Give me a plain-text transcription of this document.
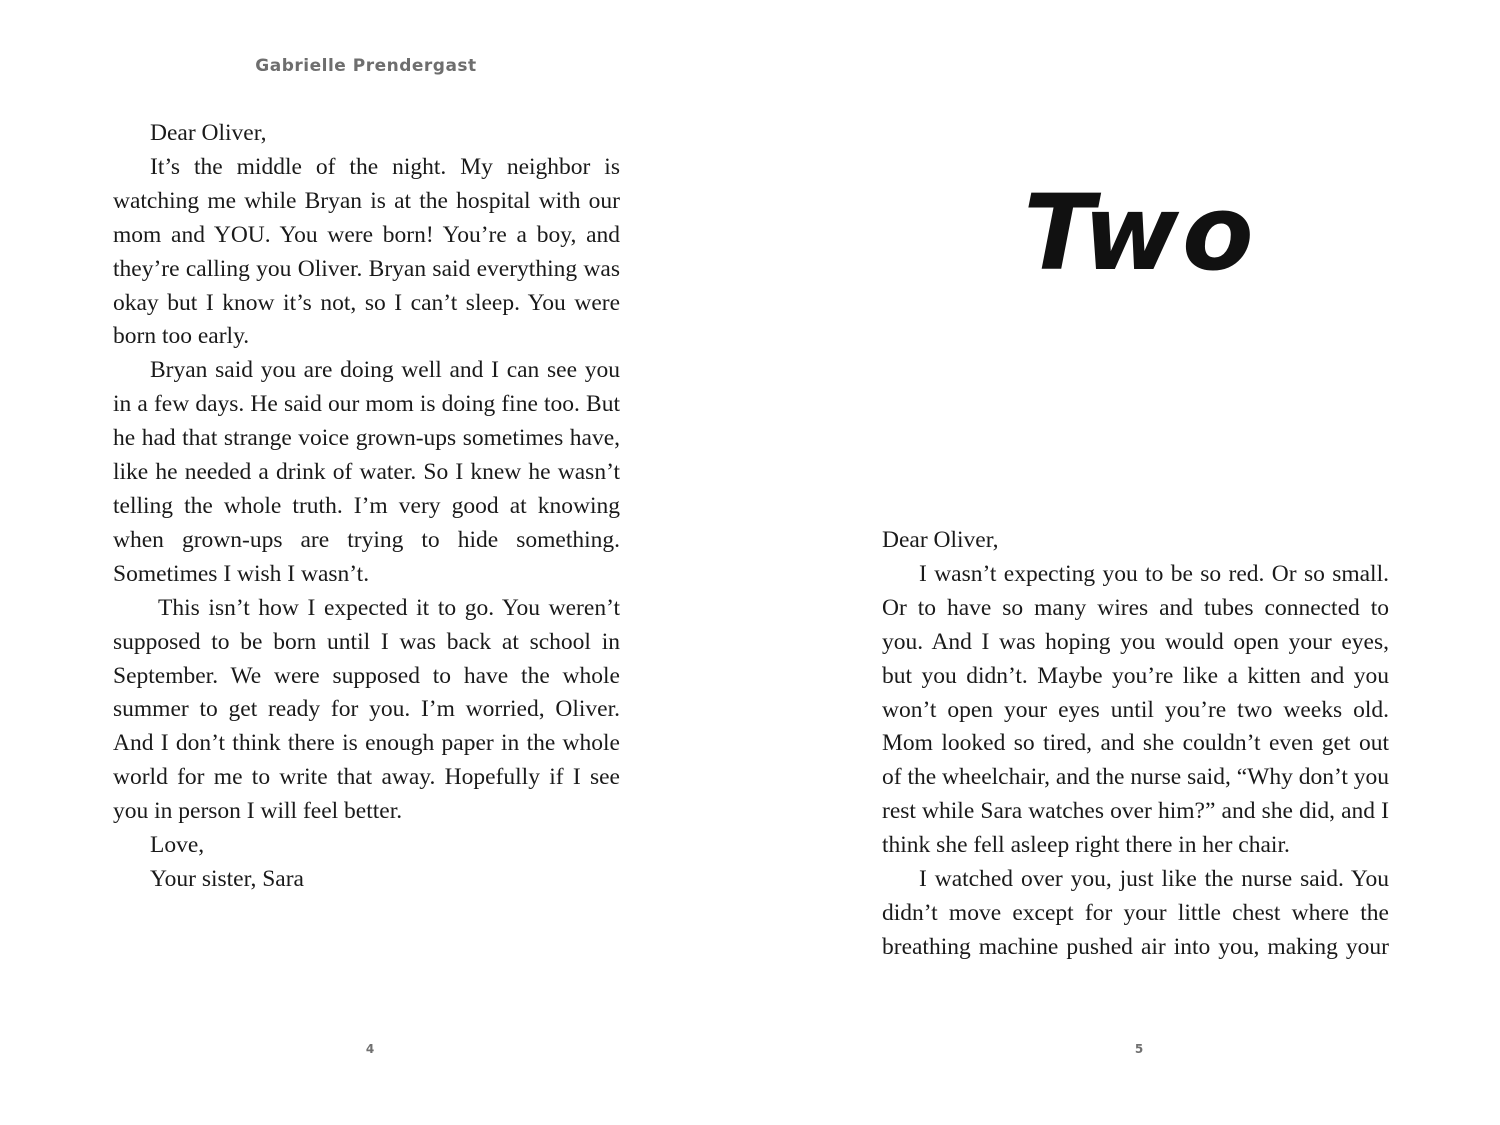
Gabrielle Prendergast

Dear Oliver,

It’s the middle of the night. My neighbor is watching me while Bryan is at the hospital with our mom and YOU. You were born! You’re a boy, and they’re calling you Oliver. Bryan said everything was okay but I know it’s not, so I can’t sleep. You were born too early.

Bryan said you are doing well and I can see you in a few days. He said our mom is doing fine too. But he had that strange voice grown-ups sometimes have, like he needed a drink of water. So I knew he wasn’t telling the whole truth. I’m very good at knowing when grown-ups are trying to hide something. Sometimes I wish I wasn’t.

This isn’t how I expected it to go. You weren’t supposed to be born until I was back at school in September. We were supposed to have the whole summer to get ready for you. I’m worried, Oliver. And I don’t think there is enough paper in the whole world for me to write that away. Hopefully if I see you in person I will feel better.

Love,

Your sister, Sara

4
Two

Dear Oliver,

I wasn’t expecting you to be so red. Or so small. Or to have so many wires and tubes connected to you. And I was hoping you would open your eyes, but you didn’t. Maybe you’re like a kitten and you won’t open your eyes until you’re two weeks old. Mom looked so tired, and she couldn’t even get out of the wheelchair, and the nurse said, “Why don’t you rest while Sara watches over him?” and she did, and I think she fell asleep right there in her chair.

I watched over you, just like the nurse said. You didn’t move except for your little chest where the breathing machine pushed air into you, making your

5
